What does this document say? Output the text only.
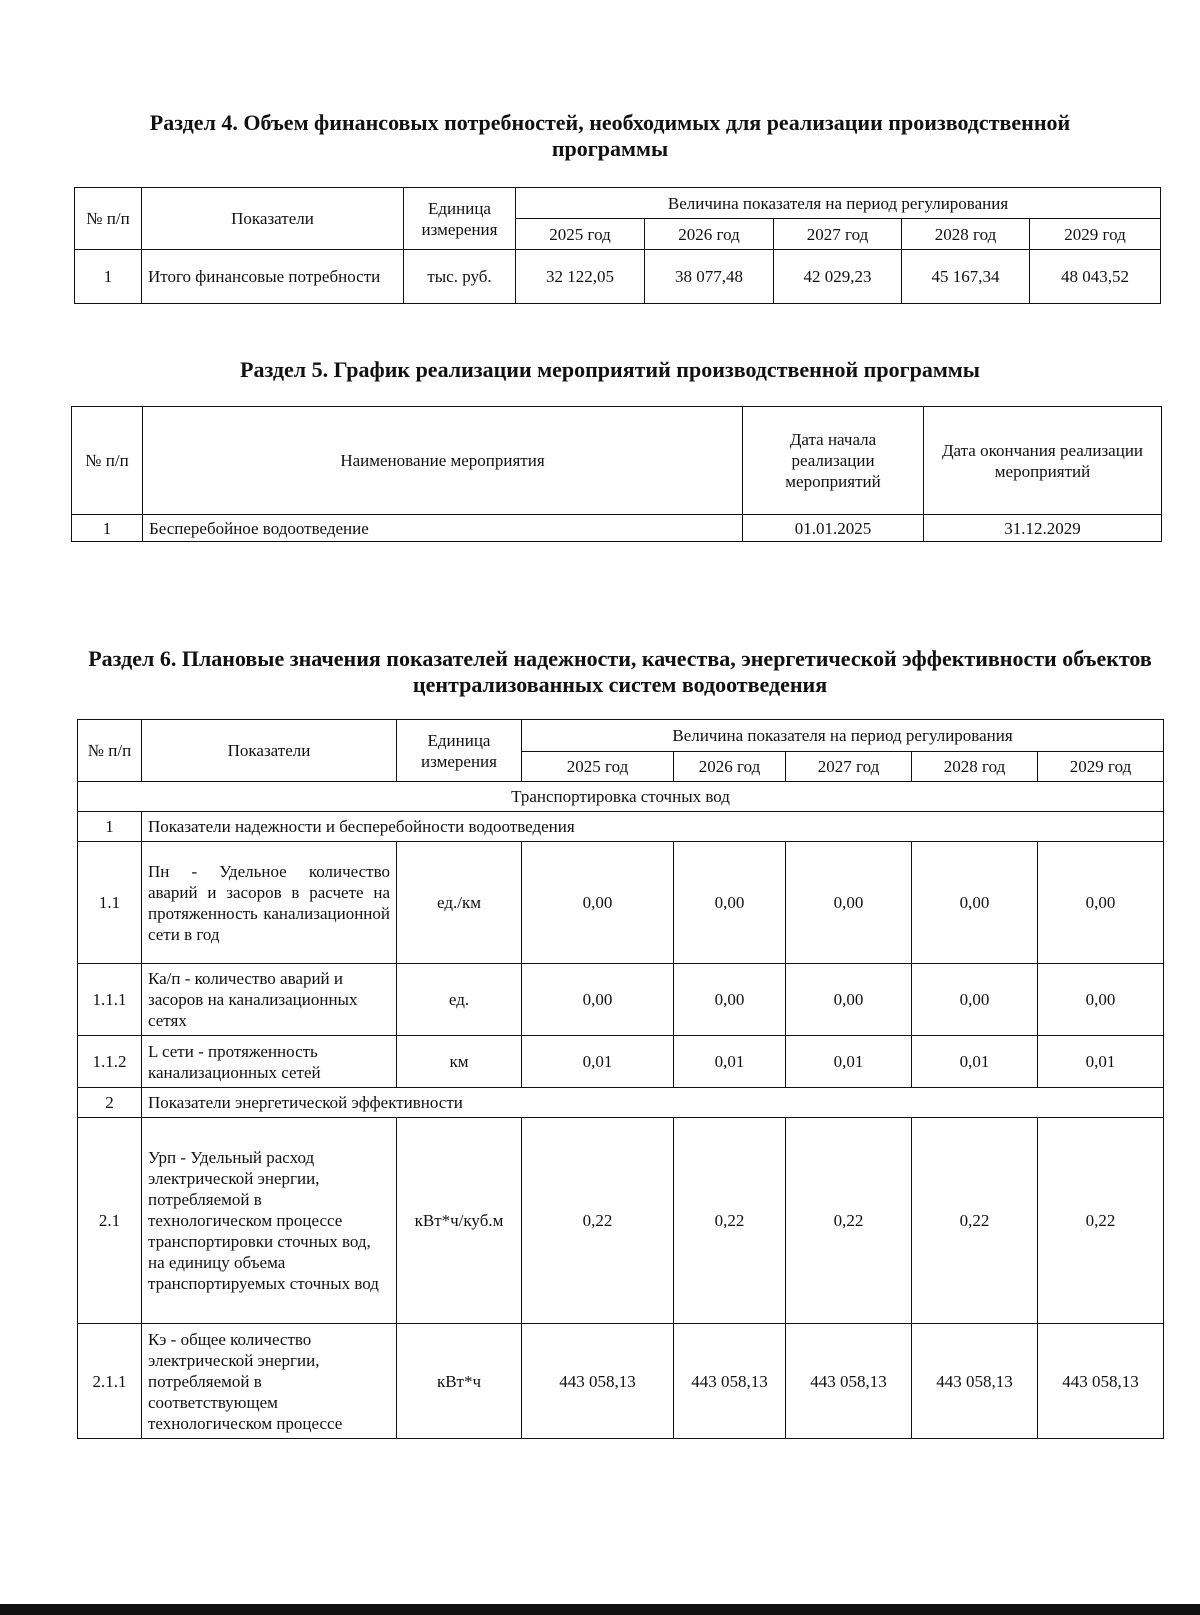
Раздел 4. Объем финансовых потребностей, необходимых для реализации производственной программы
№ п/п	Показатели	Единица измерения	Величина показателя на период регулирования				
			2025 год	2026 год	2027 год	2028 год	2029 год
1	Итого финансовые потребности	тыс. руб.	32 122,05	38 077,48	42 029,23	45 167,34	48 043,52
Раздел 5. График реализации мероприятий производственной программы
№ п/п	Наименование мероприятия	Дата начала реализации мероприятий	Дата окончания реализации мероприятий
1	Бесперебойное водоотведение	01.01.2025	31.12.2029
Раздел 6. Плановые значения показателей надежности, качества, энергетической эффективности объектов централизованных систем водоотведения
№ п/п	Показатели	Единица измерения	Величина показателя на период регулирования				
			2025 год	2026 год	2027 год	2028 год	2029 год
Транспортировка сточных вод							
1	Показатели надежности и бесперебойности водоотведения						
1.1	Пн - Удельное количество аварий и засоров в расчете на протяженность канализационной сети в год	ед./км	0,00	0,00	0,00	0,00	0,00
1.1.1	Ка/п - количество аварий и засоров на канализационных сетях	ед.	0,00	0,00	0,00	0,00	0,00
1.1.2	L сети - протяженность канализационных сетей	км	0,01	0,01	0,01	0,01	0,01
2	Показатели энергетической эффективности						
2.1	Урп - Удельный расход электрической энергии, потребляемой в технологическом процессе транспортировки сточных вод, на единицу объема транспортируемых сточных вод	кВт*ч/куб.м	0,22	0,22	0,22	0,22	0,22
2.1.1	Кэ - общее количество электрической энергии, потребляемой в соответствующем технологическом процессе	кВт*ч	443 058,13	443 058,13	443 058,13	443 058,13	443 058,13
